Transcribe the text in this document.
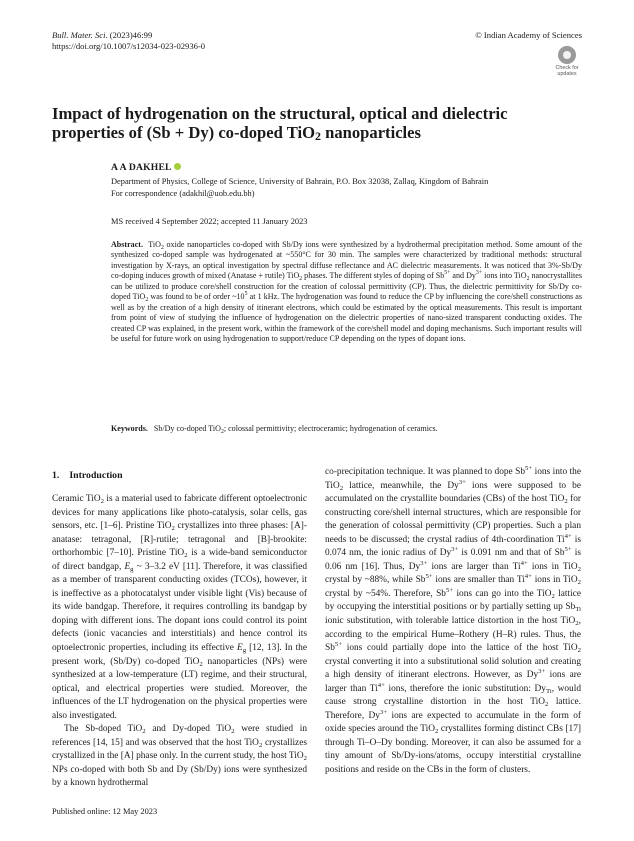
Bull. Mater. Sci. (2023)46:99
https://doi.org/10.1007/s12034-023-02936-0
© Indian Academy of Sciences
Check for
updates
Impact of hydrogenation on the structural, optical and dielectric properties of (Sb + Dy) co-doped TiO$_2$ nanoparticles
A A DAKHEL
Department of Physics, College of Science, University of Bahrain, P.O. Box 32038, Zallaq, Kingdom of Bahrain
For correspondence (adakhil@uob.edu.bh)
MS received 4 September 2022; accepted 11 January 2023
Abstract. TiO$_2$ oxide nanoparticles co-doped with Sb/Dy ions were synthesized by a hydrothermal precipitation method. Some amount of the synthesized co-doped sample was hydrogenated at ~550°C for 30 min. The samples were characterized by traditional methods: structural investigation by X-rays, an optical investigation by spectral diffuse reflectance and AC dielectric measurements. It was noticed that 3%-Sb/Dy co-doping induces growth of mixed (Anatase + rutile) TiO$_2$ phases. The different styles of doping of $Sb^{5+}$ and $Dy^{3+}$ ions into TiO$_2$ nanocrystallites can be utilized to produce core/shell construction for the creation of colossal permittivity (CP). Thus, the dielectric permittivity for Sb/Dy co-doped TiO$_2$ was found to be of order $\sim 10^5$ at 1 kHz. The hydrogenation was found to reduce the CP by influencing the core/shell constructions as well as by the creation of a high density of itinerant electrons, which could be estimated by the optical measurements. This result is important from point of view of studying the influence of hydrogenation on the dielectric properties of nano-sized transparent conducting oxides. The created CP was explained, in the present work, within the framework of the core/shell model and doping mechanisms. Such important results will be useful for future work on using hydrogenation to support/reduce CP depending on the types of dopant ions.
Keywords. Sb/Dy co-doped TiO$_2$; colossal permittivity; electroceramic; hydrogenation of ceramics.
1. Introduction

Ceramic TiO$_2$ is a material used to fabricate different optoelectronic devices for many applications like photo-catalysis, solar cells, gas sensors, etc. [1–6]. Pristine TiO$_2$ crystallizes into three phases: [A]-anatase: tetragonal, [R]-rutile; tetragonal and [B]-brookite: orthorhombic [7–10]. Pristine TiO$_2$ is a wide-band semiconductor of direct bandgap, $E_g$ ~ 3–3.2 eV [11]. Therefore, it was classified as a member of transparent conducting oxides (TCOs), however, it is ineffective as a photocatalyst under visible light (Vis) because of its wide bandgap. Therefore, it requires controlling its bandgap by doping with different ions. The dopant ions could control its point defects (ionic vacancies and interstitials) and hence control its optoelectronic properties, including its effective $E_g$ [12, 13]. In the present work, (Sb/Dy) co-doped TiO$_2$ nanoparticles (NPs) were synthesized at a low-temperature (LT) regime, and their structural, optical, and electrical properties were studied. Moreover, the influences of the LT hydrogenation on the physical properties were also investigated.

The Sb-doped TiO$_2$ and Dy-doped TiO$_2$ were studied in references [14, 15] and was observed that the host TiO$_2$ crystallizes crystallized in the [A] phase only. In the current study, the host TiO$_2$ NPs co-doped with both Sb and Dy (Sb/Dy) ions were synthesized by a known hydrothermal

co-precipitation technique. It was planned to dope $Sb^{5+}$ ions into the TiO$_2$ lattice, meanwhile, the $Dy^{3+}$ ions were supposed to be accumulated on the crystallite boundaries (CBs) of the host TiO$_2$ for constructing core/shell internal structures, which are responsible for the generation of colossal permittivity (CP) properties. Such a plan needs to be discussed; the crystal radius of 4th-coordination $Ti^{4+}$ is 0.074 nm, the ionic radius of $Dy^{3+}$ is 0.091 nm and that of $Sb^{5+}$ is 0.06 nm [16]. Thus, $Dy^{3+}$ ions are larger than $Ti^{4+}$ ions in TiO$_2$ crystal by ~88%, while $Sb^{5+}$ ions are smaller than $Ti^{4+}$ ions in TiO$_2$ crystal by ~54%. Therefore, $Sb^{5+}$ ions can go into the TiO$_2$ lattice by occupying the interstitial positions or by partially setting up $Sb_{Ti}$ ionic substitution, with tolerable lattice distortion in the host TiO$_2$, according to the empirical Hume–Rothery (H–R) rules. Thus, the $Sb^{5+}$ ions could partially dope into the lattice of the host TiO$_2$ crystal converting it into a substitutional solid solution and creating a high density of itinerant electrons. However, as $Dy^{3+}$ ions are larger than $Ti^{4+}$ ions, therefore the ionic substitution: $Dy_{Ti}$, would cause strong crystalline distortion in the host TiO$_2$ lattice. Therefore, $Dy^{3+}$ ions are expected to accumulate in the form of oxide species around the TiO$_2$ crystallites forming distinct CBs [17] through Ti–O–Dy bonding. Moreover, it can also be assumed for a tiny amount of Sb/Dy-ions/atoms, occupy interstitial crystalline positions and reside on the CBs in the form of clusters.

Published online: 12 May 2023
